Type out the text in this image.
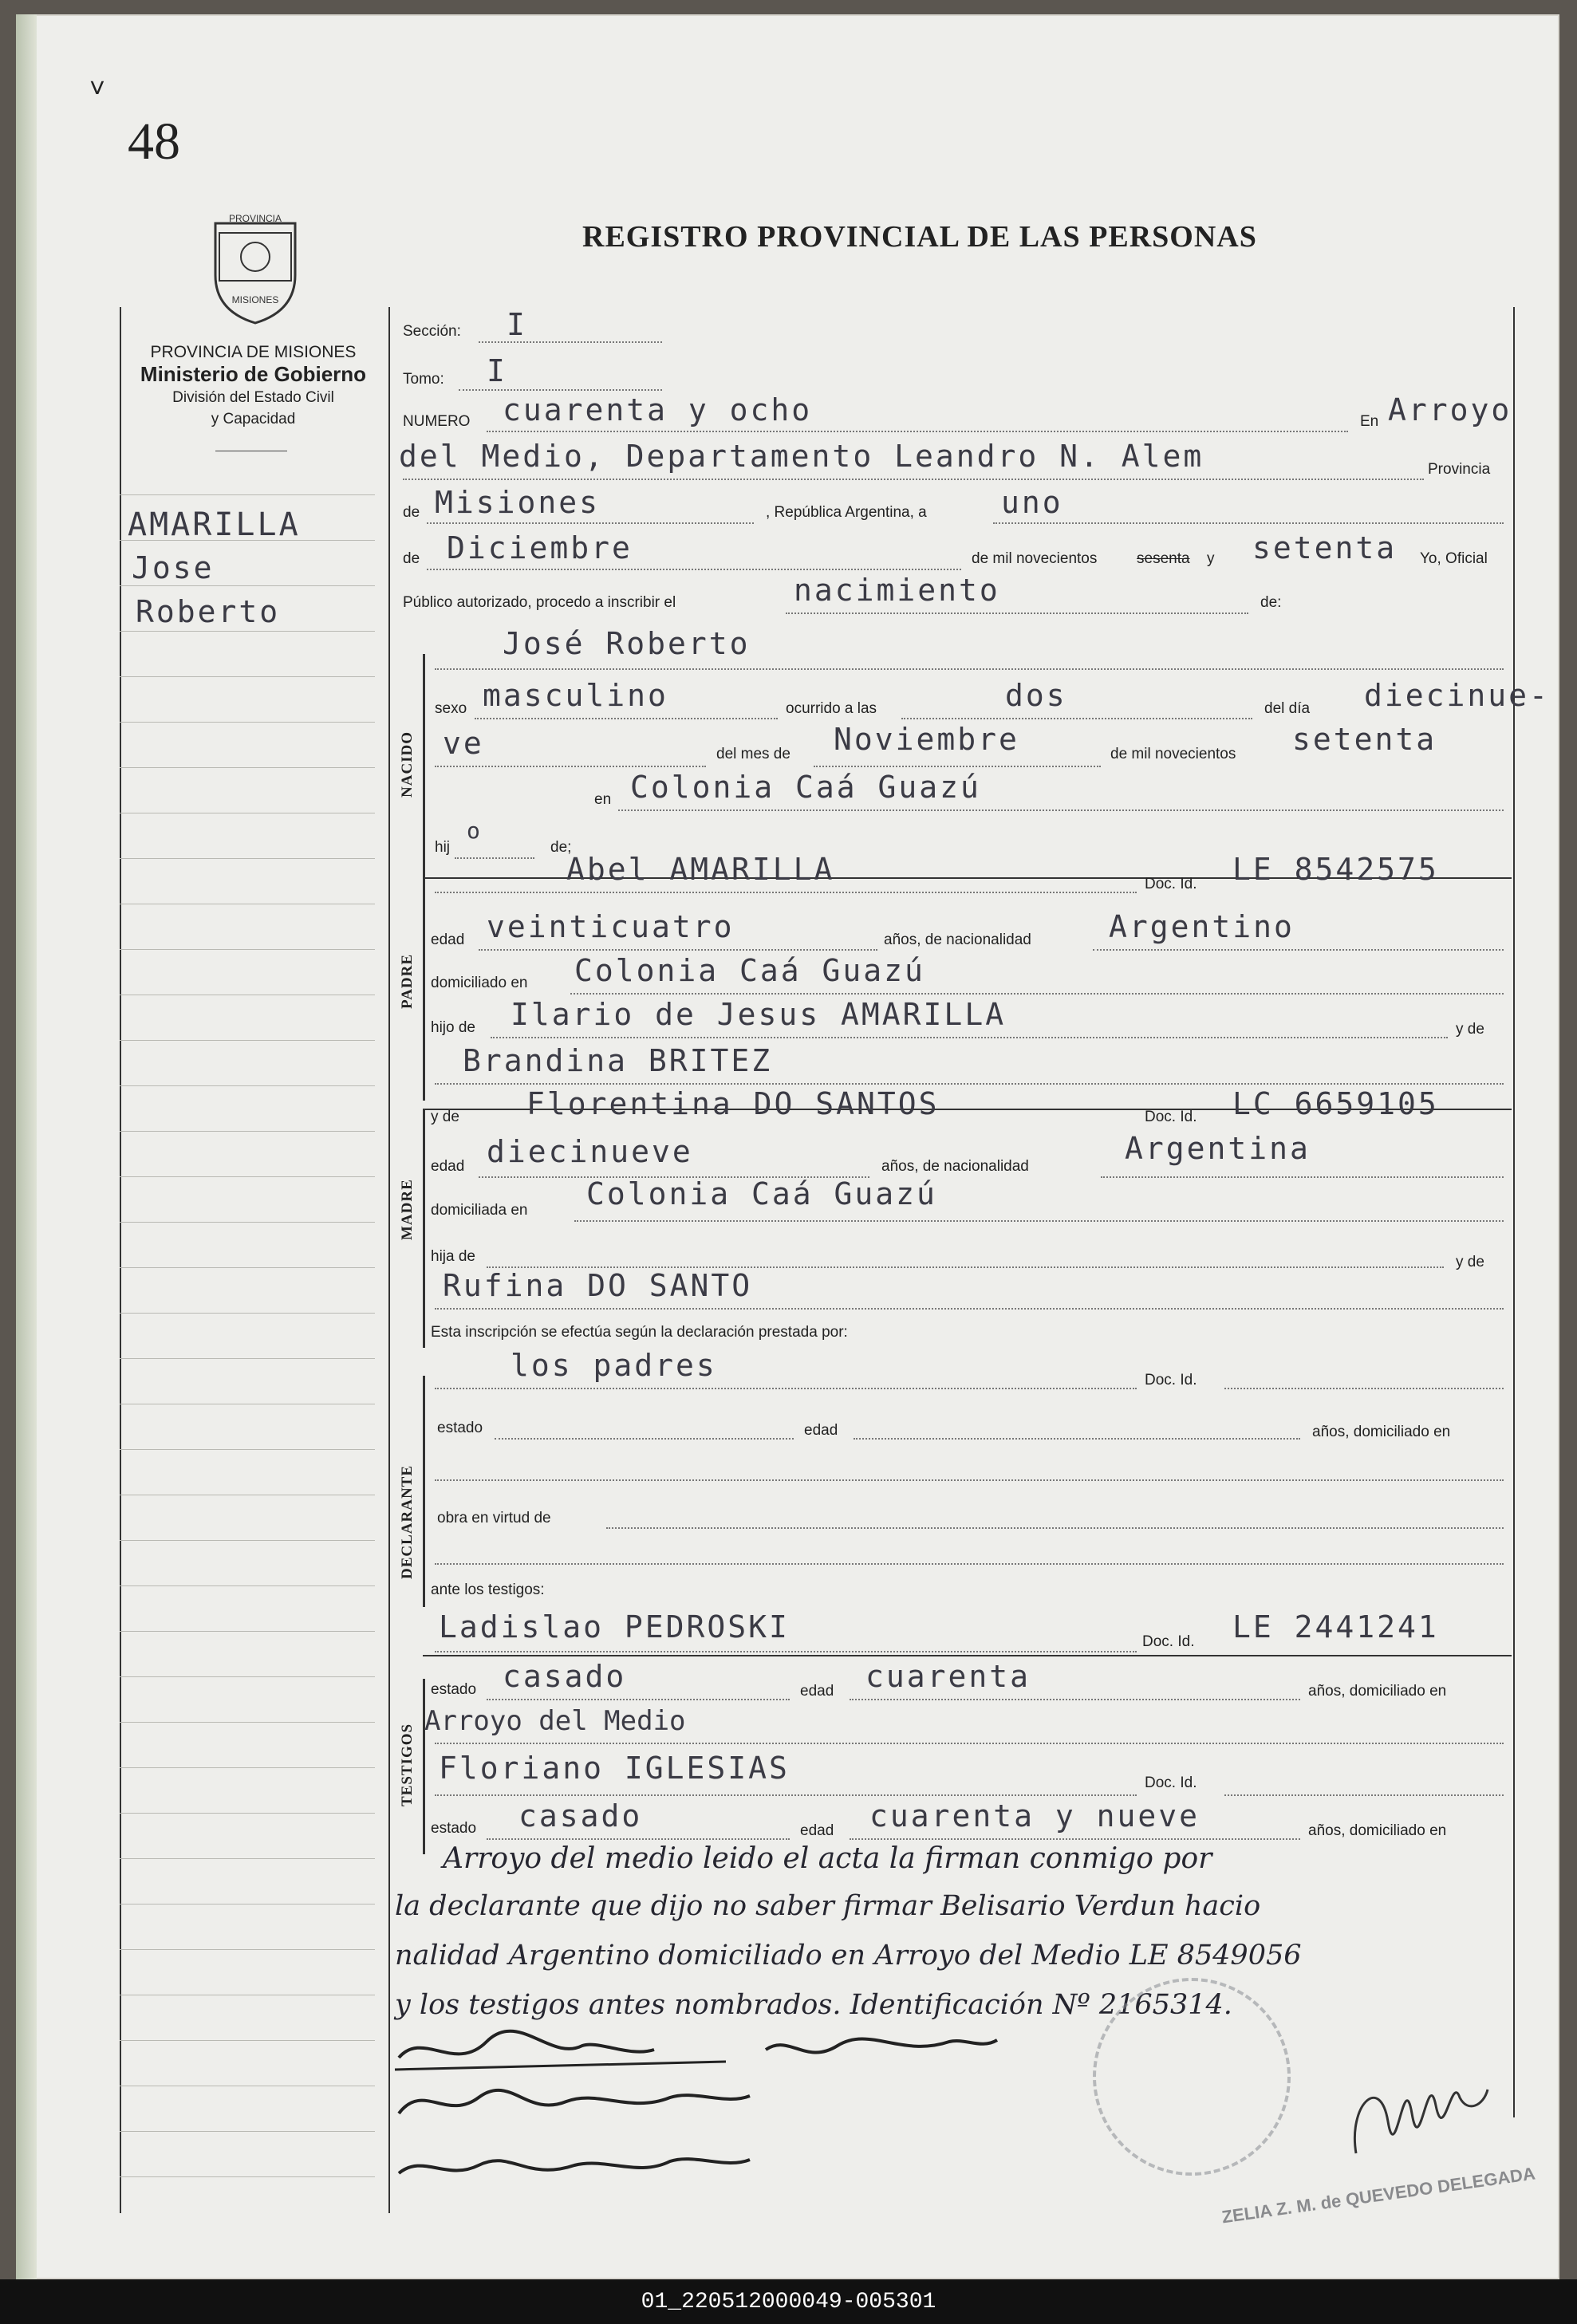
˅
48
PROVINCIA
MISIONES
REGISTRO PROVINCIAL DE LAS PERSONAS
PROVINCIA DE MISIONES
Ministerio de Gobierno
División del Estado Civil
y Capacidad
AMARILLA
Jose
Roberto
NACIDO
PADRE
MADRE
DECLARANTE
TESTIGOS
Sección: I
Tomo: I
NUMERO cuarenta y ocho	En Arroyo
del Medio, Departamento Leandro N. Alem	Provincia
de Misiones	, República Argentina, a uno
de Diciembre	de mil novecientos	sesenta y setenta Yo, Oficial
Público autorizado, procedo a inscribir el	nacimiento	de:
José Roberto
sexo masculino	ocurrido a las	dos	del día diecinue-
ve	del mes de Noviembre	de mil novecientos setenta
en Colonia Caá Guazú
hij
o
de;
Abel AMARILLA	Doc. Id. LE 8542575
edad veinticuatro	años, de nacionalidad	Argentino
domiciliado en Colonia Caá Guazú
hijo de Ilario de Jesus AMARILLA	y de
Brandina BRITEZ
y de Florentina DO SANTOS	Doc. Id. LC 6659105
edad diecinueve	años, de nacionalidad
Argentina
domiciliada en Colonia Caá Guazú
hija de	y de
Rufina DO SANTO
Esta inscripción se efectúa según la declaración prestada por:
los padres	Doc. Id.
estado	edad	años, domiciliado en
obra en virtud de
ante los testigos:
Ladislao PEDROSKI	Doc. Id. LE 2441241
estado casado	edad cuarenta	años, domiciliado en
Arroyo del Medio
Floriano IGLESIAS	Doc. Id.
estado casado	edad cuarenta y nueve	años, domiciliado en
Arroyo del medio leido el acta la firman conmigo por
la declarante que dijo no saber firmar Belisario Verdun hacio
nalidad Argentino domiciliado en Arroyo del Medio LE 8549056
y los testigos antes nombrados. Identificación Nº 2165314.
ZELIA Z. M. de QUEVEDO DELEGADA
01_220512000049-005301
